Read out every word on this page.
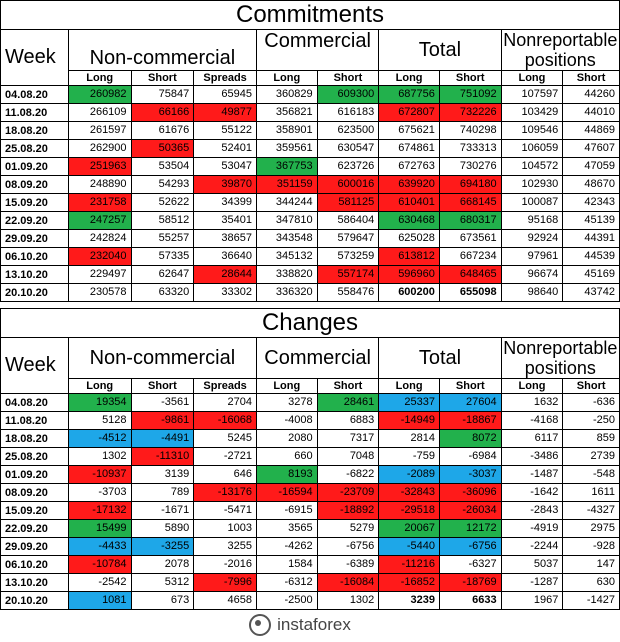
Commitments									
Week	Non-commercial			Commercial		Total		Nonreportable positions	
	Long	Short	Spreads	Long	Short	Long	Short	Long	Short
04.08.20	260982	75847	65945	360829	609300	687756	751092	107597	44260
11.08.20	266109	66166	49877	356821	616183	672807	732226	103429	44010
18.08.20	261597	61676	55122	358901	623500	675621	740298	109546	44869
25.08.20	262900	50365	52401	359561	630547	674861	733313	106059	47607
01.09.20	251963	53504	53047	367753	623726	672763	730276	104572	47059
08.09.20	248890	54293	39870	351159	600016	639920	694180	102930	48670
15.09.20	231758	52622	34399	344244	581125	610401	668145	100087	42343
22.09.20	247257	58512	35401	347810	586404	630468	680317	95168	45139
29.09.20	242824	55257	38657	343548	579647	625028	673561	92924	44391
06.10.20	232040	57335	36640	345132	573259	613812	667234	97961	44539
13.10.20	229497	62647	28644	338820	557174	596960	648465	96674	45169
20.10.20	230578	63320	33302	336320	558476	600200	655098	98640	43742
Changes									
Week	Non-commercial			Commercial		Total		Nonreportable positions	
	Long	Short	Spreads	Long	Short	Long	Short	Long	Short
04.08.20	19354	-3561	2704	3278	28461	25337	27604	1632	-636
11.08.20	5128	-9861	-16068	-4008	6883	-14949	-18867	-4168	-250
18.08.20	-4512	-4491	5245	2080	7317	2814	8072	6117	859
25.08.20	1302	-11310	-2721	660	7048	-759	-6984	-3486	2739
01.09.20	-10937	3139	646	8193	-6822	-2089	-3037	-1487	-548
08.09.20	-3703	789	-13176	-16594	-23709	-32843	-36096	-1642	1611
15.09.20	-17132	-1671	-5471	-6915	-18892	-29518	-26034	-2843	-4327
22.09.20	15499	5890	1003	3565	5279	20067	12172	-4919	2975
29.09.20	-4433	-3255	3255	-4262	-6756	-5440	-6756	-2244	-928
06.10.20	-10784	2078	-2016	1584	-6389	-11216	-6327	5037	147
13.10.20	-2542	5312	-7996	-6312	-16084	-16852	-18769	-1287	630
20.10.20	1081	673	4658	-2500	1302	3239	6633	1967	-1427
instaforex
